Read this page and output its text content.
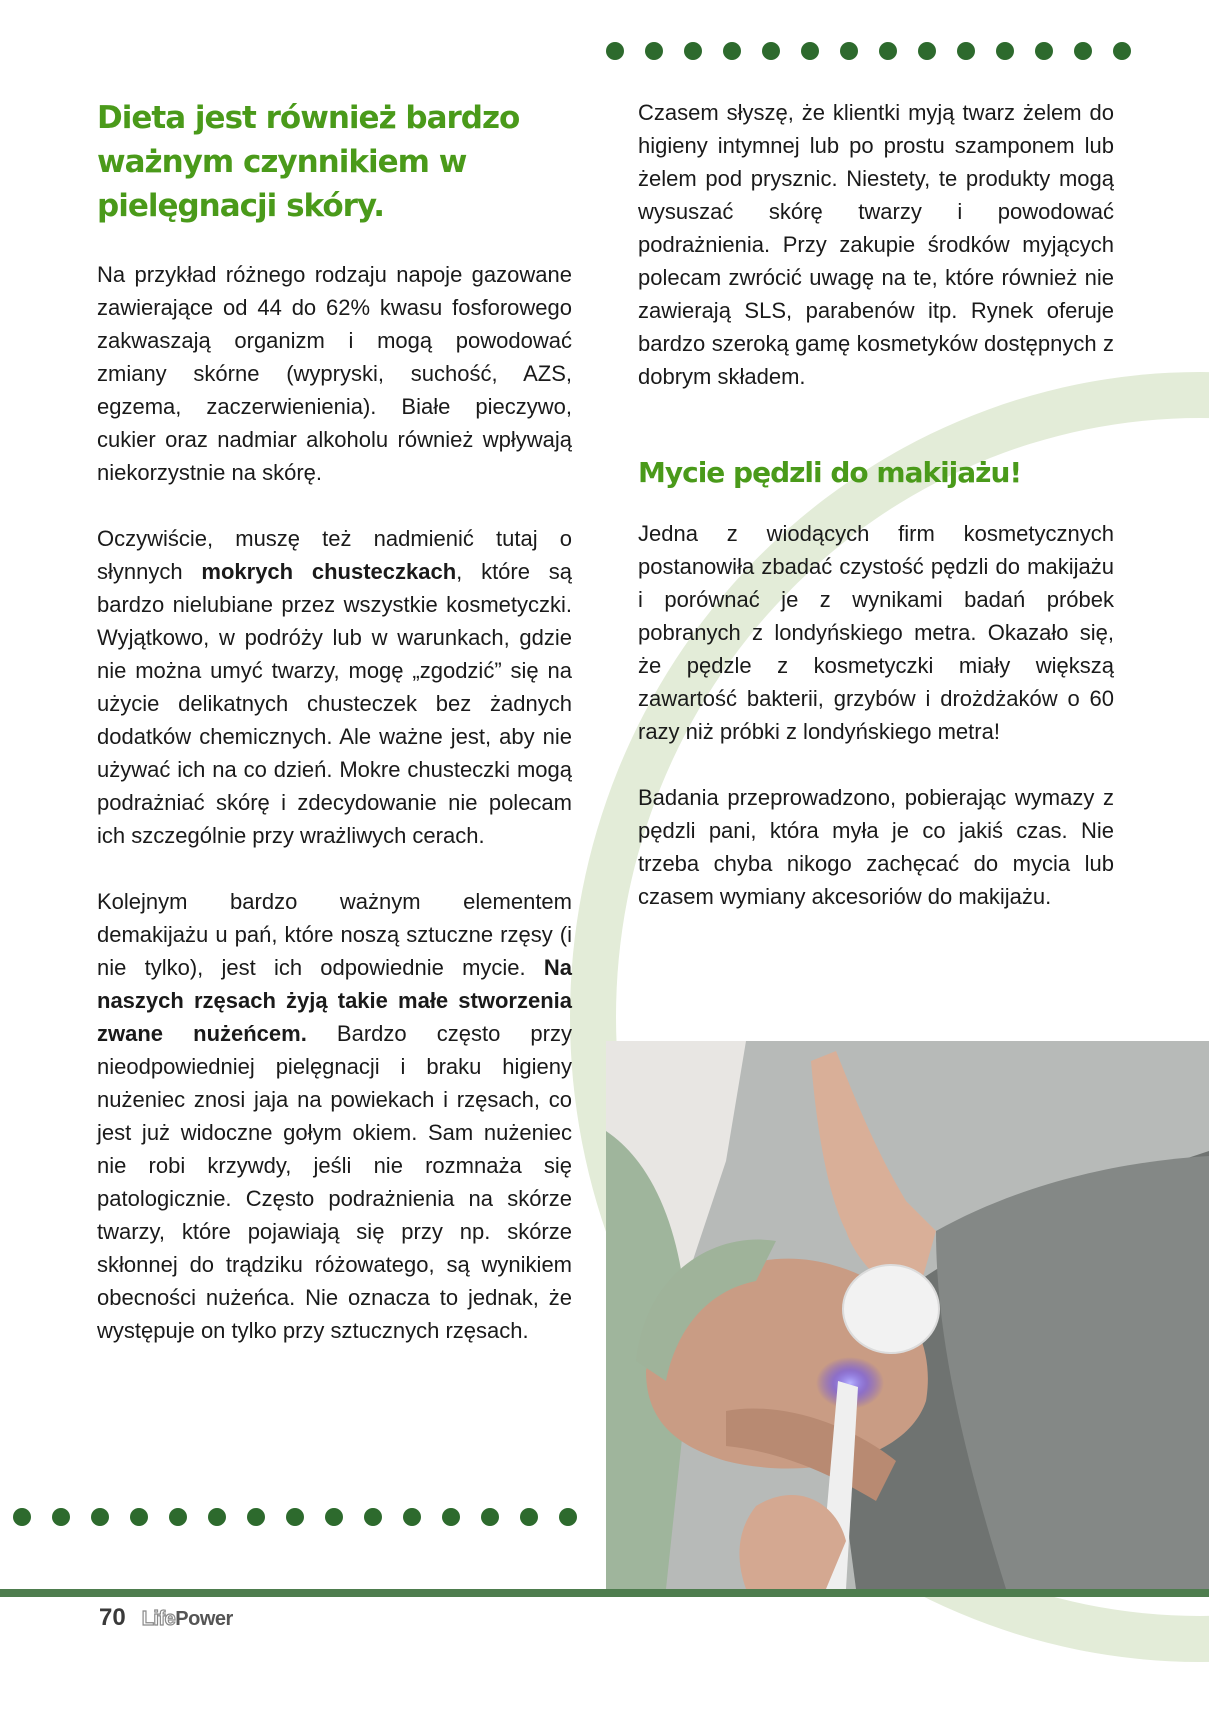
Dieta jest również bardzo ważnym czynnikiem w pielęgnacji skóry.

Na przykład różnego rodzaju napoje gazowane zawierające od 44 do 62% kwasu fosforowego zakwaszają organizm i mogą powodować zmiany skórne (wypryski, suchość, AZS, egzema, zaczerwienienia). Białe pieczywo, cukier oraz nadmiar alkoholu również wpływają niekorzystnie na skórę.

Oczywiście, muszę też nadmienić tutaj o słynnych mokrych chusteczkach, które są bardzo nielubiane przez wszystkie kosmetyczki. Wyjątkowo, w podróży lub w warunkach, gdzie nie można umyć twarzy, mogę „zgodzić” się na użycie delikatnych chusteczek bez żadnych dodatków chemicznych. Ale ważne jest, aby nie używać ich na co dzień. Mokre chusteczki mogą podrażniać skórę i zdecydowanie nie polecam ich szczególnie przy wrażliwych cerach.

Kolejnym bardzo ważnym elementem demakijażu u pań, które noszą sztuczne rzęsy (i nie tylko), jest ich odpowiednie mycie. Na naszych rzęsach żyją takie małe stworzenia zwane nużeńcem. Bardzo często przy nieodpowiedniej pielęgnacji i braku higieny nużeniec znosi jaja na powiekach i rzęsach, co jest już widoczne gołym okiem. Sam nużeniec nie robi krzywdy, jeśli nie rozmnaża się patologicznie. Często podrażnienia na skórze twarzy, które pojawiają się przy np. skórze skłonnej do trądziku różowatego, są wynikiem obecności nużeńca. Nie oznacza to jednak, że występuje on tylko przy sztucznych rzęsach.

Czasem słyszę, że klientki myją twarz żelem do higieny intymnej lub po prostu szamponem lub żelem pod prysznic. Niestety, te produkty mogą wysuszać skórę twarzy i powodować podrażnienia. Przy zakupie środków myjących polecam zwrócić uwagę na te, które również nie zawierają SLS, parabenów itp. Rynek oferuje bardzo szeroką gamę kosmetyków dostępnych z dobrym składem.

Mycie pędzli do makijażu!

Jedna z wiodących firm kosmetycznych postanowiła zbadać czystość pędzli do makijażu i porównać je z wynikami badań próbek pobranych z londyńskiego metra. Okazało się, że pędzle z kosmetyczki miały większą zawartość bakterii, grzybów i drożdżaków o 60 razy niż próbki z londyńskiego metra!

Badania przeprowadzono, pobierając wymazy z pędzli pani, która myła je co jakiś czas. Nie trzeba chyba nikogo zachęcać do mycia lub czasem wymiany akcesoriów do makijażu.

70 LifePower
